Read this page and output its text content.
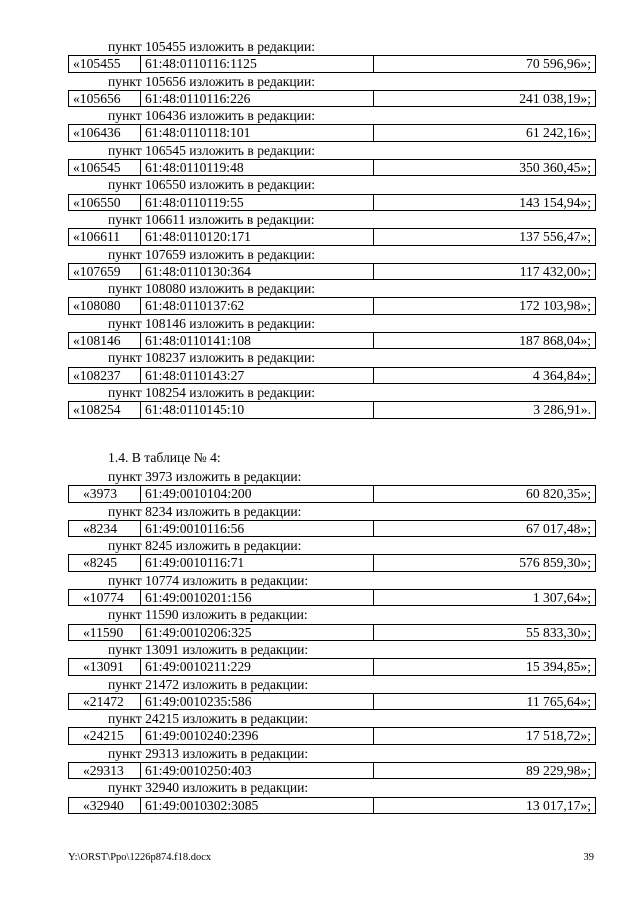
пункт 105455 изложить в редакции:
«105455	61:48:0110116:1125	70 596,96»;
пункт 105656 изложить в редакции:
«105656	61:48:0110116:226	241 038,19»;
пункт 106436 изложить в редакции:
«106436	61:48:0110118:101	61 242,16»;
пункт 106545 изложить в редакции:
«106545	61:48:0110119:48	350 360,45»;
пункт 106550 изложить в редакции:
«106550	61:48:0110119:55	143 154,94»;
пункт 106611 изложить в редакции:
«106611	61:48:0110120:171	137 556,47»;
пункт 107659 изложить в редакции:
«107659	61:48:0110130:364	117 432,00»;
пункт 108080 изложить в редакции:
«108080	61:48:0110137:62	172 103,98»;
пункт 108146 изложить в редакции:
«108146	61:48:0110141:108	187 868,04»;
пункт 108237 изложить в редакции:
«108237	61:48:0110143:27	4 364,84»;
пункт 108254 изложить в редакции:
«108254	61:48:0110145:10	3 286,91».
1.4. В таблице № 4:
пункт 3973 изложить в редакции:
«3973	61:49:0010104:200	60 820,35»;
пункт 8234 изложить в редакции:
«8234	61:49:0010116:56	67 017,48»;
пункт 8245 изложить в редакции:
«8245	61:49:0010116:71	576 859,30»;
пункт 10774 изложить в редакции:
«10774	61:49:0010201:156	1 307,64»;
пункт 11590 изложить в редакции:
«11590	61:49:0010206:325	55 833,30»;
пункт 13091 изложить в редакции:
«13091	61:49:0010211:229	15 394,85»;
пункт 21472 изложить в редакции:
«21472	61:49:0010235:586	11 765,64»;
пункт 24215 изложить в редакции:
«24215	61:49:0010240:2396	17 518,72»;
пункт 29313 изложить в редакции:
«29313	61:49:0010250:403	89 229,98»;
пункт 32940 изложить в редакции:
«32940	61:49:0010302:3085	13 017,17»;
Y:\ORST\Ppo\1226p874.f18.docx	39
